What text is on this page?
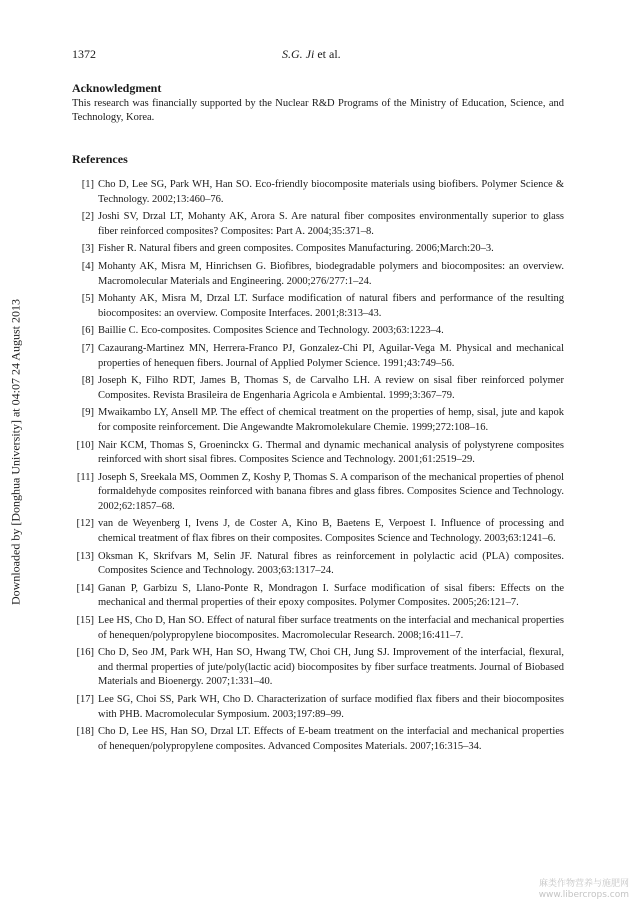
1372	S.G. Ji et al.
Acknowledgment
This research was financially supported by the Nuclear R&D Programs of the Ministry of Education, Science, and Technology, Korea.
References
[1] Cho D, Lee SG, Park WH, Han SO. Eco-friendly biocomposite materials using biofibers. Polymer Science & Technology. 2002;13:460–76.
[2] Joshi SV, Drzal LT, Mohanty AK, Arora S. Are natural fiber composites environmentally superior to glass fiber reinforced composites? Composites: Part A. 2004;35:371–8.
[3] Fisher R. Natural fibers and green composites. Composites Manufacturing. 2006;March:20–3.
[4] Mohanty AK, Misra M, Hinrichsen G. Biofibres, biodegradable polymers and biocomposites: an overview. Macromolecular Materials and Engineering. 2000;276/277:1–24.
[5] Mohanty AK, Misra M, Drzal LT. Surface modification of natural fibers and performance of the resulting biocomposites: an overview. Composite Interfaces. 2001;8:313–43.
[6] Baillie C. Eco-composites. Composites Science and Technology. 2003;63:1223–4.
[7] Cazaurang-Martinez MN, Herrera-Franco PJ, Gonzalez-Chi PI, Aguilar-Vega M. Physical and mechanical properties of henequen fibers. Journal of Applied Polymer Science. 1991;43:749–56.
[8] Joseph K, Filho RDT, James B, Thomas S, de Carvalho LH. A review on sisal fiber reinforced polymer Composites. Revista Brasileira de Engenharia Agricola e Ambiental. 1999;3:367–79.
[9] Mwaikambo LY, Ansell MP. The effect of chemical treatment on the properties of hemp, sisal, jute and kapok for composite reinforcement. Die Angewandte Makromolekulare Chemie. 1999;272:108–16.
[10] Nair KCM, Thomas S, Groeninckx G. Thermal and dynamic mechanical analysis of polystyrene composites reinforced with short sisal fibres. Composites Science and Technology. 2001;61:2519–29.
[11] Joseph S, Sreekala MS, Oommen Z, Koshy P, Thomas S. A comparison of the mechanical properties of phenol formaldehyde composites reinforced with banana fibres and glass fibres. Composites Science and Technology. 2002;62:1857–68.
[12] van de Weyenberg I, Ivens J, de Coster A, Kino B, Baetens E, Verpoest I. Influence of processing and chemical treatment of flax fibres on their composites. Composites Science and Technology. 2003;63:1241–6.
[13] Oksman K, Skrifvars M, Selin JF. Natural fibres as reinforcement in polylactic acid (PLA) composites. Composites Science and Technology. 2003;63:1317–24.
[14] Ganan P, Garbizu S, Llano-Ponte R, Mondragon I. Surface modification of sisal fibers: Effects on the mechanical and thermal properties of their epoxy composites. Polymer Composites. 2005;26:121–7.
[15] Lee HS, Cho D, Han SO. Effect of natural fiber surface treatments on the interfacial and mechanical properties of henequen/polypropylene biocomposites. Macromolecular Research. 2008;16:411–7.
[16] Cho D, Seo JM, Park WH, Han SO, Hwang TW, Choi CH, Jung SJ. Improvement of the interfacial, flexural, and thermal properties of jute/poly(lactic acid) biocomposites by fiber surface treatments. Journal of Biobased Materials and Bioenergy. 2007;1:331–40.
[17] Lee SG, Choi SS, Park WH, Cho D. Characterization of surface modified flax fibers and their biocomposites with PHB. Macromolecular Symposium. 2003;197:89–99.
[18] Cho D, Lee HS, Han SO, Drzal LT. Effects of E-beam treatment on the interfacial and mechanical properties of henequen/polypropylene composites. Advanced Composites Materials. 2007;16:315–34.
Downloaded by [Donghua University] at 04:07 24 August 2013
麻类作物营养与施肥网
www.libercrops.com
